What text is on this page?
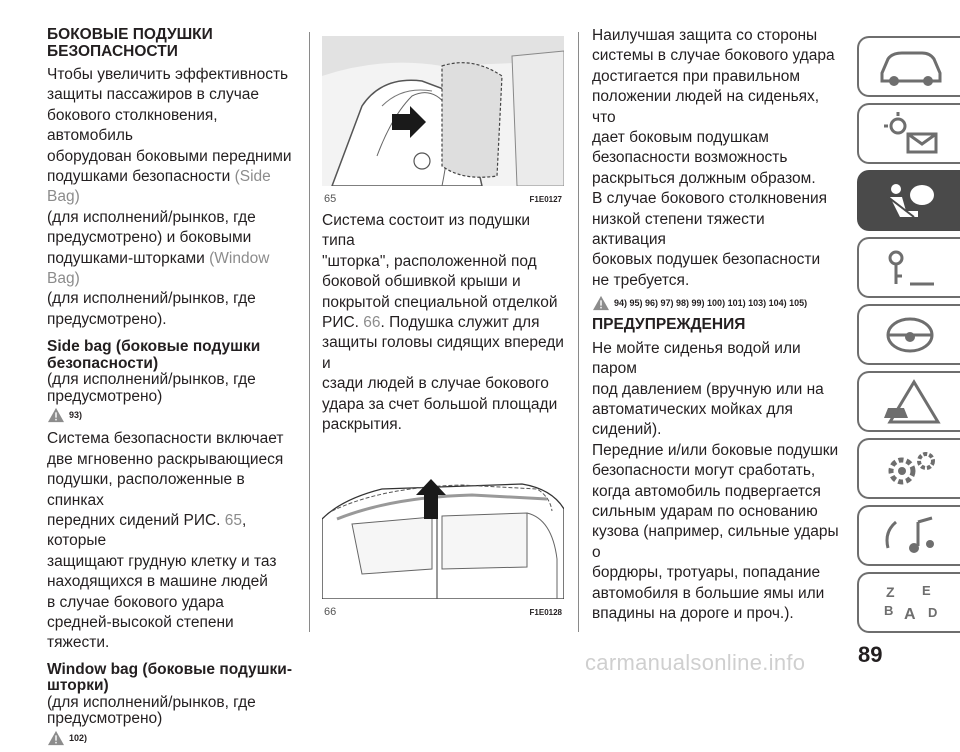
БОКОВЫЕ ПОДУШКИ БЕЗОПАСНОСТИ

Чтобы увеличить эффективность

защиты пассажиров в случае

бокового столкновения, автомобиль

оборудован боковыми передними

подушками безопасности (Side Bag)

(для исполнений/рынков, где

предусмотрено) и боковыми

подушками-шторками (Window Bag)

(для исполнений/рынков, где

предусмотрено).

Side bag (боковые подушки безопасности)

(для исполнений/рынков, где предусмотрено)

93)

Система безопасности включает

две мгновенно раскрывающиеся

подушки, расположенные в спинках

передних сидений РИС. 65, которые

защищают грудную клетку и таз

находящихся в машине людей

в случае бокового удара

средней-высокой степени тяжести.

Window bag (боковые подушки-шторки)

(для исполнений/рынков, где предусмотрено)

102)
65	F1E0127

Система состоит из подушки типа

"шторка", расположенной под

боковой обшивкой крыши и

покрытой специальной отделкой

РИС. 66. Подушка служит для

защиты головы сидящих впереди и

сзади людей в случае бокового

удара за счет большой площади

раскрытия.

66	F1E0128

Наилучшая защита со стороны

системы в случае бокового удара

достигается при правильном

положении людей на сиденьях, что

дает боковым подушкам

безопасности возможность

раскрыться должным образом.

В случае бокового столкновения

низкой степени тяжести активация

боковых подушек безопасности

не требуется.

94) 95) 96) 97) 98) 99) 100) 101) 103) 104) 105)
ПРЕДУПРЕЖДЕНИЯ

Не мойте сиденья водой или паром

под давлением (вручную или на

автоматических мойках для

сидений).

Передние и/или боковые подушки

безопасности могут сработать,

когда автомобиль подвергается

сильным ударам по основанию

кузова (например, сильные удары о

бордюры, тротуары, попадание

автомобиля в большие ямы или

впадины на дороге и проч.).

Z E
B A D
89
carmanualsonline.info
